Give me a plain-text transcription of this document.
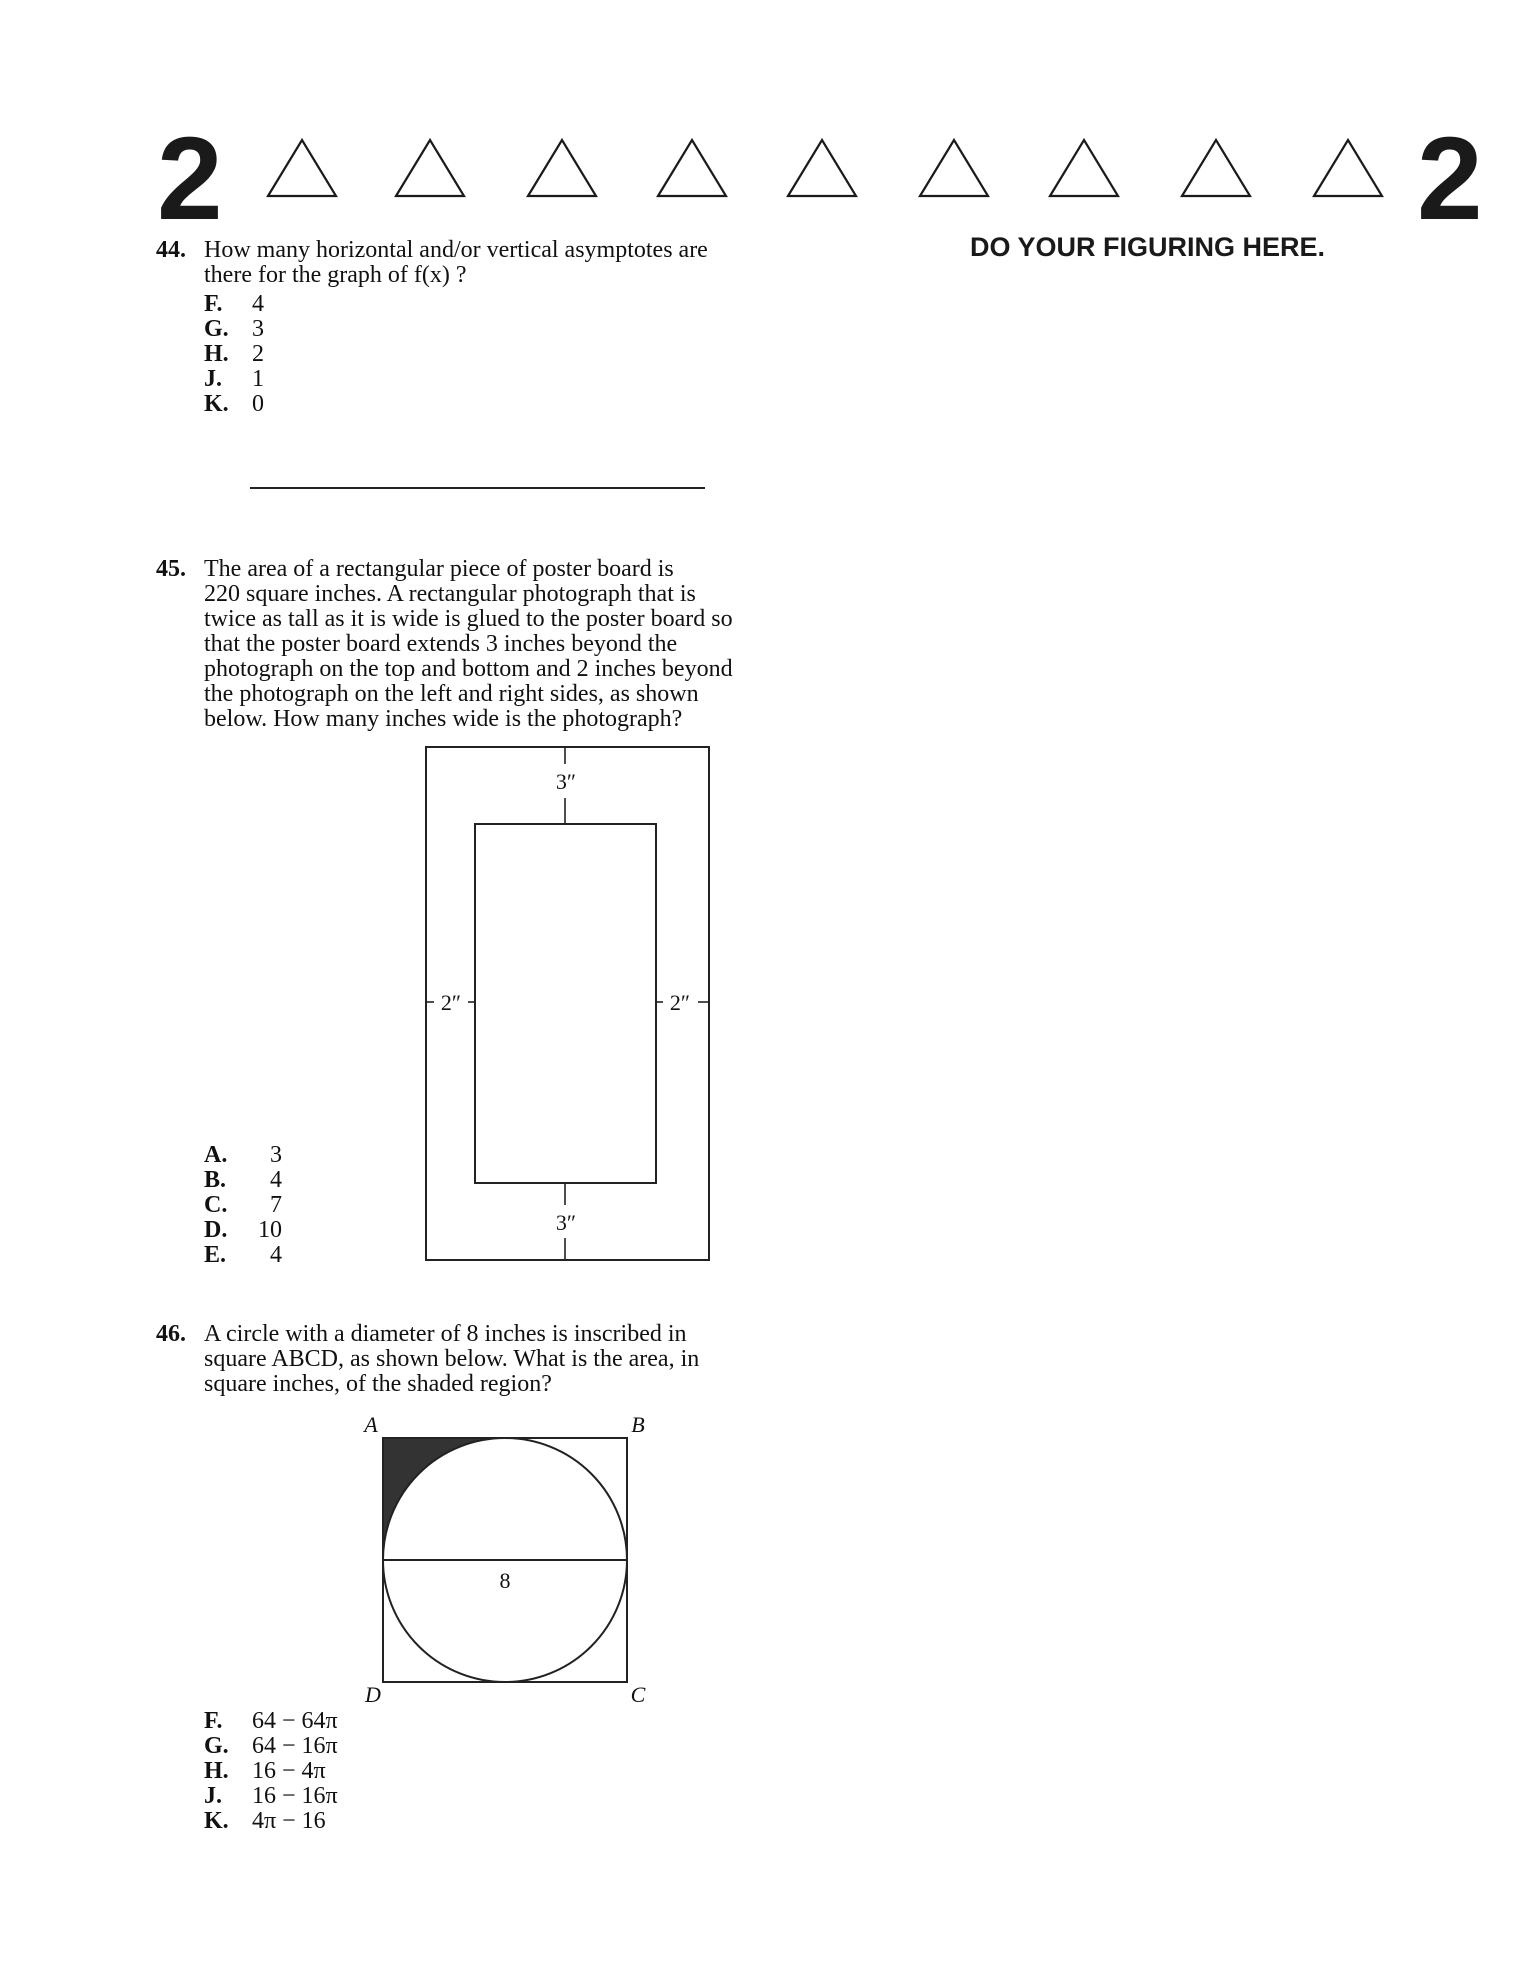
2	2
DO YOUR FIGURING HERE.
44. How many horizontal and/or vertical asymptotes are
there for the graph of f(x) ?
F.	4
G. 3
H. 2
J.	1
K. 0
45. The area of a rectangular piece of poster board is
220 square inches. A rectangular photograph that is
twice as tall as it is wide is glued to the poster board so
that the poster board extends 3 inches beyond the
photograph on the top and bottom and 2 inches beyond
the photograph on the left and right sides, as shown
below. How many inches wide is the photograph?
3″
3″
2″	2″
A.	3
B.	4
C.	7
D.	10
E.	4
46. A circle with a diameter of 8 inches is inscribed in
square ABCD, as shown below. What is the area, in
square inches, of the shaded region?
A	B
D	C
8
F.	64 − 64π
G. 64 − 16π
H. 16 − 4π
J.	16 − 16π
K. 4π − 16
